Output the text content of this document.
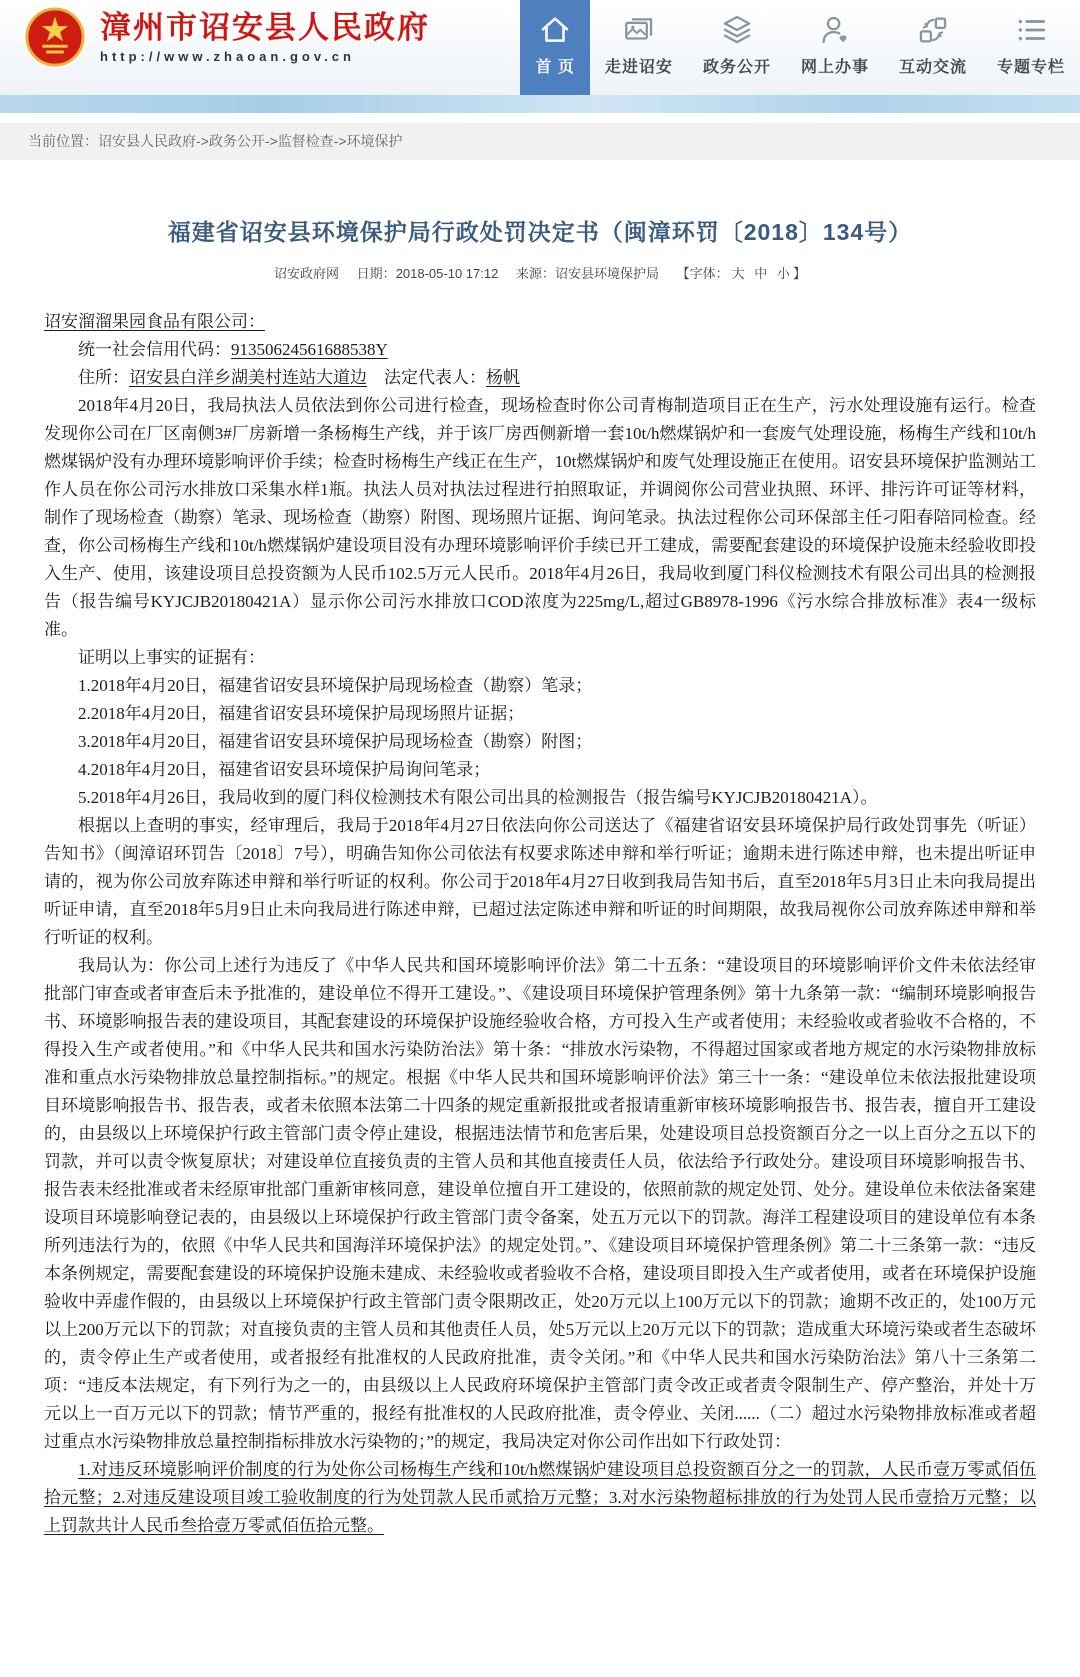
漳州市诏安县人民政府
http://www.zhaoan.gov.cn
首 页 走进诏安 政务公开 网上办事 互动交流 专题专栏
当前位置：诏安县人民政府->政务公开->监督检查->环境保护
福建省诏安县环境保护局行政处罚决定书（闽漳环罚〔2018〕134号）
诏安政府网 日期：2018-05-10 17:12 来源：诏安县环境保护局 【字体： 大 中 小 】

诏安溜溜果园食品有限公司：

统一社会信用代码：91350624561688538Y

住所：诏安县白洋乡湖美村连站大道边　法定代表人：杨帆

2018年4月20日，我局执法人员依法到你公司进行检查，现场检查时你公司青梅制造项目正在生产，污水处理设施有运行。检查发现你公司在厂区南侧3#厂房新增一条杨梅生产线，并于该厂房西侧新增一套10t/h燃煤锅炉和一套废气处理设施，杨梅生产线和10t/h燃煤锅炉没有办理环境影响评价手续；检查时杨梅生产线正在生产，10t燃煤锅炉和废气处理设施正在使用。诏安县环境保护监测站工作人员在你公司污水排放口采集水样1瓶。执法人员对执法过程进行拍照取证，并调阅你公司营业执照、环评、排污许可证等材料，制作了现场检查（勘察）笔录、现场检查（勘察）附图、现场照片证据、询问笔录。执法过程你公司环保部主任刁阳春陪同检查。经查，你公司杨梅生产线和10t/h燃煤锅炉建设项目没有办理环境影响评价手续已开工建成，需要配套建设的环境保护设施未经验收即投入生产、使用，该建设项目总投资额为人民币102.5万元人民币。2018年4月26日，我局收到厦门科仪检测技术有限公司出具的检测报告（报告编号KYJCJB20180421A）显示你公司污水排放口COD浓度为225mg/L,超过GB8978-1996《污水综合排放标准》表4一级标准。

证明以上事实的证据有：

1.2018年4月20日，福建省诏安县环境保护局现场检查（勘察）笔录；

2.2018年4月20日，福建省诏安县环境保护局现场照片证据；

3.2018年4月20日，福建省诏安县环境保护局现场检查（勘察）附图；

4.2018年4月20日，福建省诏安县环境保护局询问笔录；

5.2018年4月26日，我局收到的厦门科仪检测技术有限公司出具的检测报告（报告编号KYJCJB20180421A）。

根据以上查明的事实，经审理后，我局于2018年4月27日依法向你公司送达了《福建省诏安县环境保护局行政处罚事先（听证）告知书》（闽漳诏环罚告〔2018〕7号），明确告知你公司依法有权要求陈述申辩和举行听证；逾期未进行陈述申辩，也未提出听证申请的，视为你公司放弃陈述申辩和举行听证的权利。你公司于2018年4月27日收到我局告知书后，直至2018年5月3日止未向我局提出听证申请，直至2018年5月9日止未向我局进行陈述申辩，已超过法定陈述申辩和听证的时间期限，故我局视你公司放弃陈述申辩和举行听证的权利。

我局认为：你公司上述行为违反了《中华人民共和国环境影响评价法》第二十五条：“建设项目的环境影响评价文件未依法经审批部门审查或者审查后未予批准的，建设单位不得开工建设。”、《建设项目环境保护管理条例》第十九条第一款：“编制环境影响报告书、环境影响报告表的建设项目，其配套建设的环境保护设施经验收合格，方可投入生产或者使用；未经验收或者验收不合格的，不得投入生产或者使用。”和《中华人民共和国水污染防治法》第十条：“排放水污染物，不得超过国家或者地方规定的水污染物排放标准和重点水污染物排放总量控制指标。”的规定。根据《中华人民共和国环境影响评价法》第三十一条：“建设单位未依法报批建设项目环境影响报告书、报告表，或者未依照本法第二十四条的规定重新报批或者报请重新审核环境影响报告书、报告表，擅自开工建设的，由县级以上环境保护行政主管部门责令停止建设，根据违法情节和危害后果，处建设项目总投资额百分之一以上百分之五以下的罚款，并可以责令恢复原状；对建设单位直接负责的主管人员和其他直接责任人员，依法给予行政处分。建设项目环境影响报告书、报告表未经批准或者未经原审批部门重新审核同意，建设单位擅自开工建设的，依照前款的规定处罚、处分。建设单位未依法备案建设项目环境影响登记表的，由县级以上环境保护行政主管部门责令备案，处五万元以下的罚款。海洋工程建设项目的建设单位有本条所列违法行为的，依照《中华人民共和国海洋环境保护法》的规定处罚。”、《建设项目环境保护管理条例》第二十三条第一款：“违反本条例规定，需要配套建设的环境保护设施未建成、未经验收或者验收不合格，建设项目即投入生产或者使用，或者在环境保护设施验收中弄虚作假的，由县级以上环境保护行政主管部门责令限期改正，处20万元以上100万元以下的罚款；逾期不改正的，处100万元以上200万元以下的罚款；对直接负责的主管人员和其他责任人员，处5万元以上20万元以下的罚款；造成重大环境污染或者生态破坏的，责令停止生产或者使用，或者报经有批准权的人民政府批准，责令关闭。”和《中华人民共和国水污染防治法》第八十三条第二项：“违反本法规定，有下列行为之一的，由县级以上人民政府环境保护主管部门责令改正或者责令限制生产、停产整治，并处十万元以上一百万元以下的罚款；情节严重的，报经有批准权的人民政府批准，责令停业、关闭......（二）超过水污染物排放标准或者超过重点水污染物排放总量控制指标排放水污染物的；”的规定，我局决定对你公司作出如下行政处罚：

1.对违反环境影响评价制度的行为处你公司杨梅生产线和10t/h燃煤锅炉建设项目总投资额百分之一的罚款，人民币壹万零贰佰伍拾元整；2.对违反建设项目竣工验收制度的行为处罚款人民币贰拾万元整；3.对水污染物超标排放的行为处罚人民币壹拾万元整；以上罚款共计人民币叁拾壹万零贰佰伍拾元整。
